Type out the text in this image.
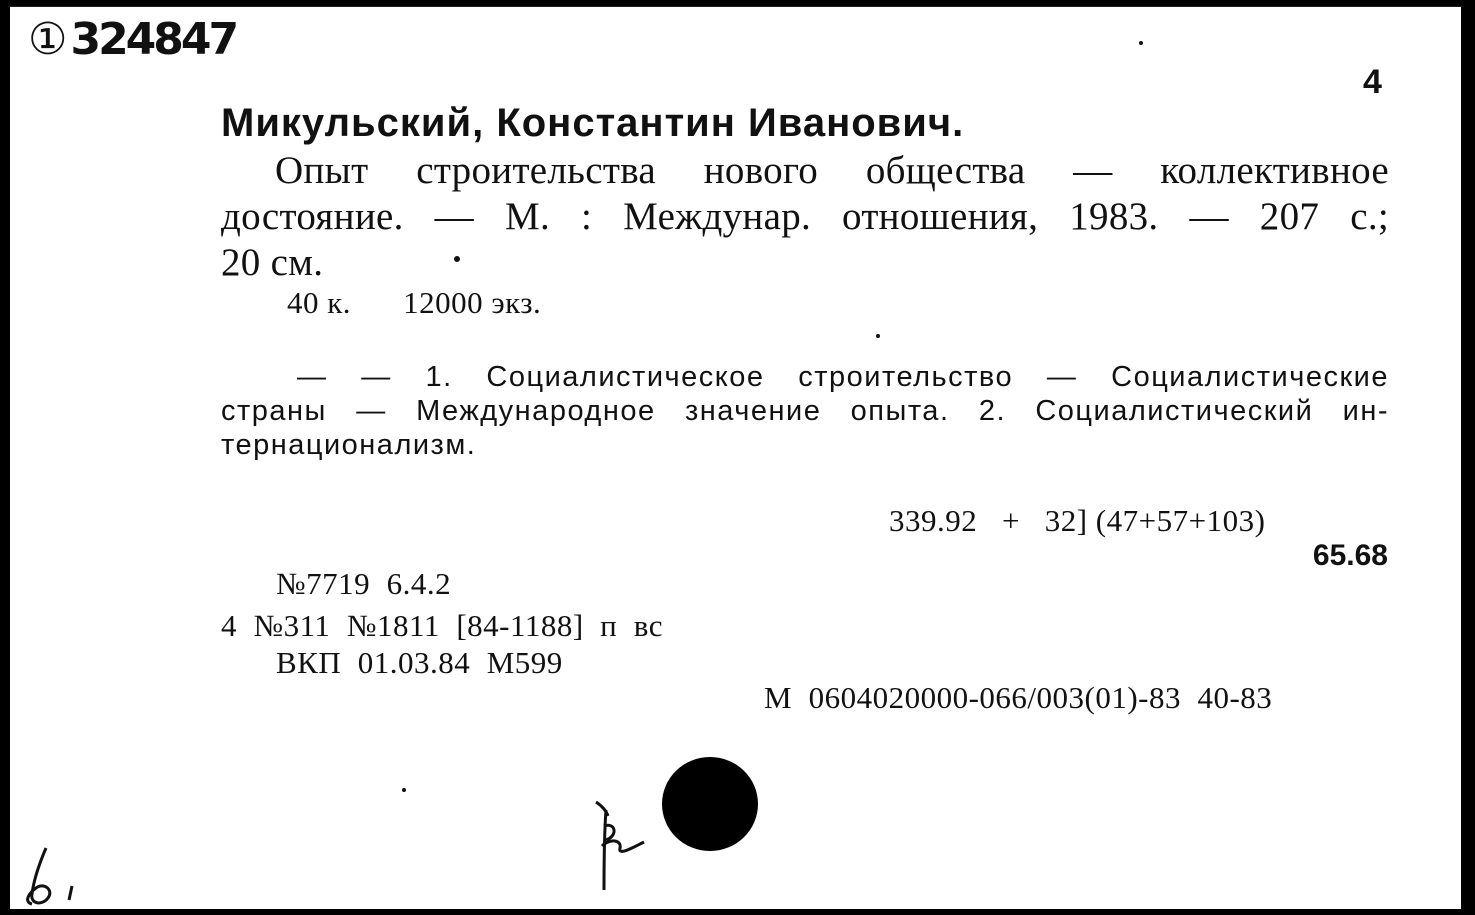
① 324847
4
Микульский, Константин Иванович.
Опыт строительства нового общества — коллективное
достояние. — М. : Междунар. отношения, 1983. — 207 с.;
20 см.
40 к. 12000 экз.
— — 1. Социалистическое строительство — Социалистические
страны — Международное значение опыта. 2. Социалистический ин-
тернационализм.
339.92   +   32] (47+57+103)
65.68
№7719  6.4.2
4  №311  №1811  [84-1188]  п  вс
ВКП  01.03.84  М599
М  0604020000-066/003(01)-83  40-83
